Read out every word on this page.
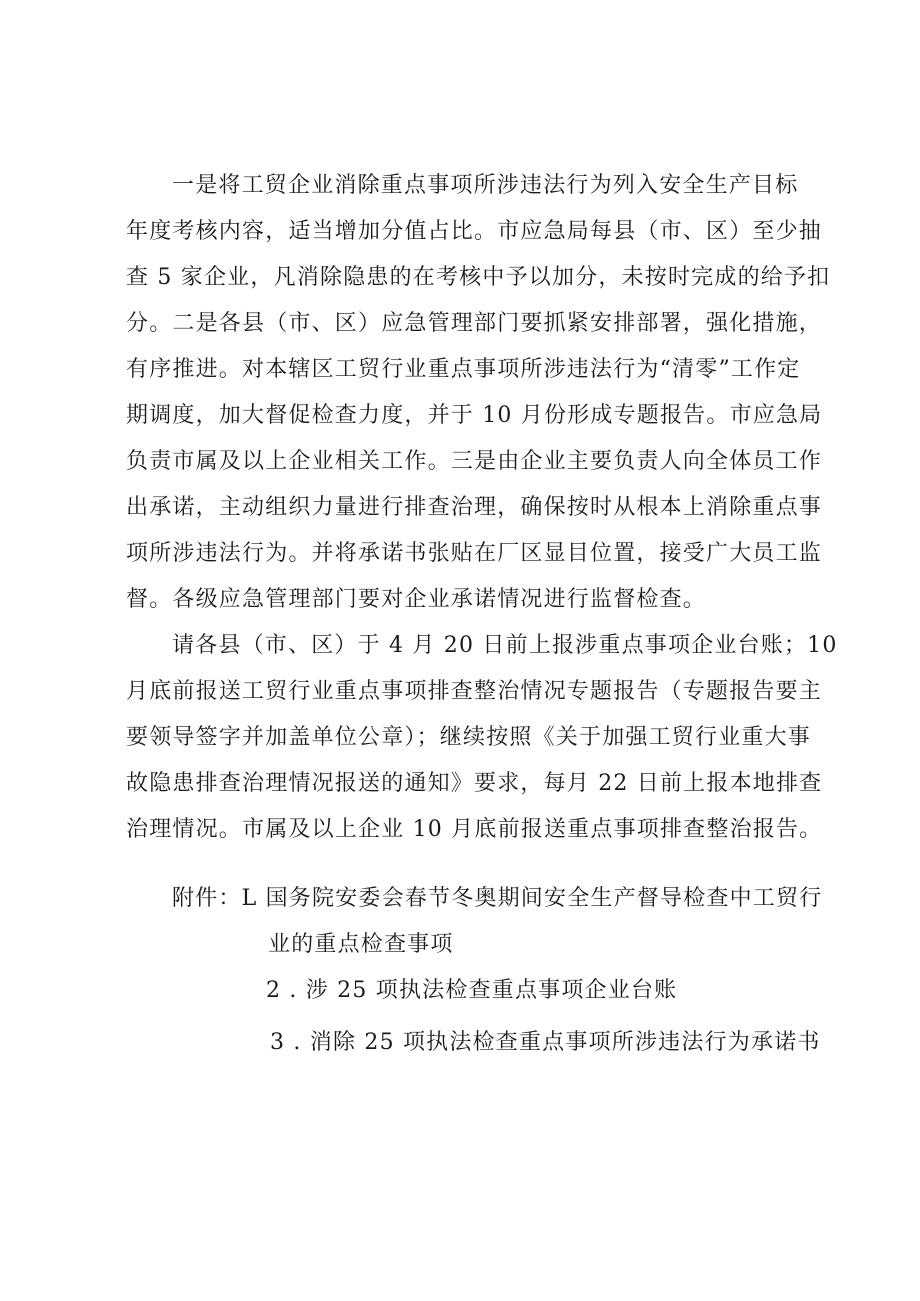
一是将工贸企业消除重点事项所涉违法行为列入安全生产目标
年度考核内容，适当增加分值占比。市应急局每县（市、区）至少抽
查 5 家企业，凡消除隐患的在考核中予以加分，未按时完成的给予扣
分。二是各县（市、区）应急管理部门要抓紧安排部署，强化措施，
有序推进。对本辖区工贸行业重点事项所涉违法行为“清零”工作定
期调度，加大督促检查力度，并于 10 月份形成专题报告。市应急局
负责市属及以上企业相关工作。三是由企业主要负责人向全体员工作
出承诺，主动组织力量进行排查治理，确保按时从根本上消除重点事
项所涉违法行为。并将承诺书张贴在厂区显目位置，接受广大员工监
督。各级应急管理部门要对企业承诺情况进行监督检查。
请各县（市、区）于 4 月 20 日前上报涉重点事项企业台账；10
月底前报送工贸行业重点事项排查整治情况专题报告（专题报告要主
要领导签字并加盖单位公章）；继续按照《关于加强工贸行业重大事
故隐患排查治理情况报送的通知》要求，每月 22 日前上报本地排查
治理情况。市属及以上企业 10 月底前报送重点事项排查整治报告。
附件：L 国务院安委会春节冬奥期间安全生产督导检查中工贸行
业的重点检查事项
2 . 涉 25 项执法检查重点事项企业台账
3 . 消除 25 项执法检查重点事项所涉违法行为承诺书
